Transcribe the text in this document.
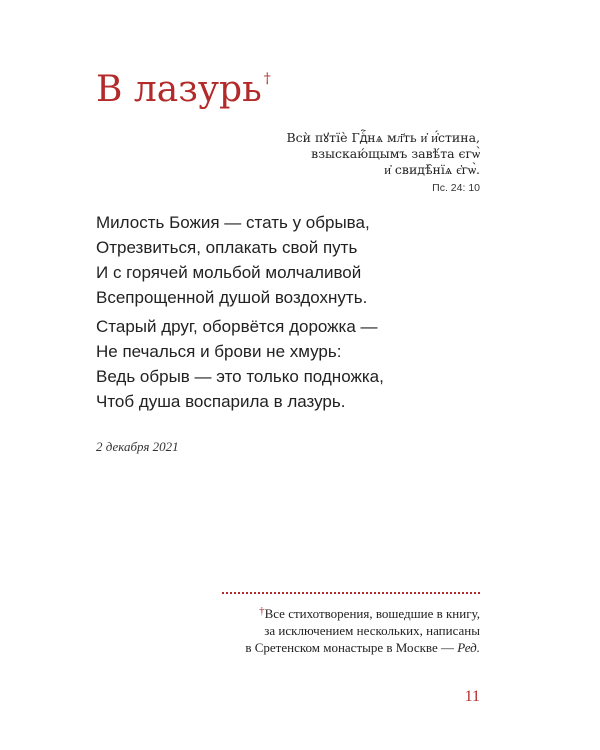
В лазурь †
Всѝ пꙋтїѐ Гдⷭ҇нѧ мл҃ть и҆ и҆́стина,
взыскаю́щымъ завѣ́та єгѡ̀
и҆ свидѣ̑нїѧ є҆гѡ̀.
Пс. 24: 10
Милость Божия — стать у обрыва,
Отрезвиться, оплакать свой путь
И с горячей мольбой молчаливой
Всепрощенной душой воздохнуть.
Старый друг, оборвётся дорожка —
Не печалься и брови не хмурь:
Ведь обрыв — это только подножка,
Чтоб душа воспарила в лазурь.
2 декабря 2021
†Все стихотворения, вошедшие в книгу,
за исключением нескольких, написаны
в Сретенском монастыре в Москве — Ред.
11
